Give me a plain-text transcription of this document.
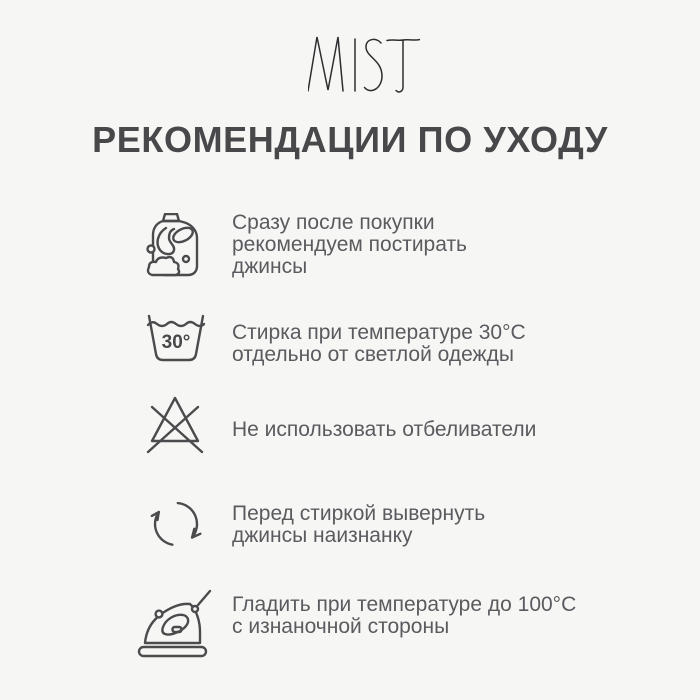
РЕКОМЕНДАЦИИ ПО УХОДУ
Сразу после покупки
рекомендуем постирать
джинсы
30° Стирка при температуре 30°C
отдельно от светлой одежды
Не использовать отбеливатели
Перед стиркой вывернуть
джинсы наизнанку
Гладить при температуре до 100°C
с изнаночной стороны
